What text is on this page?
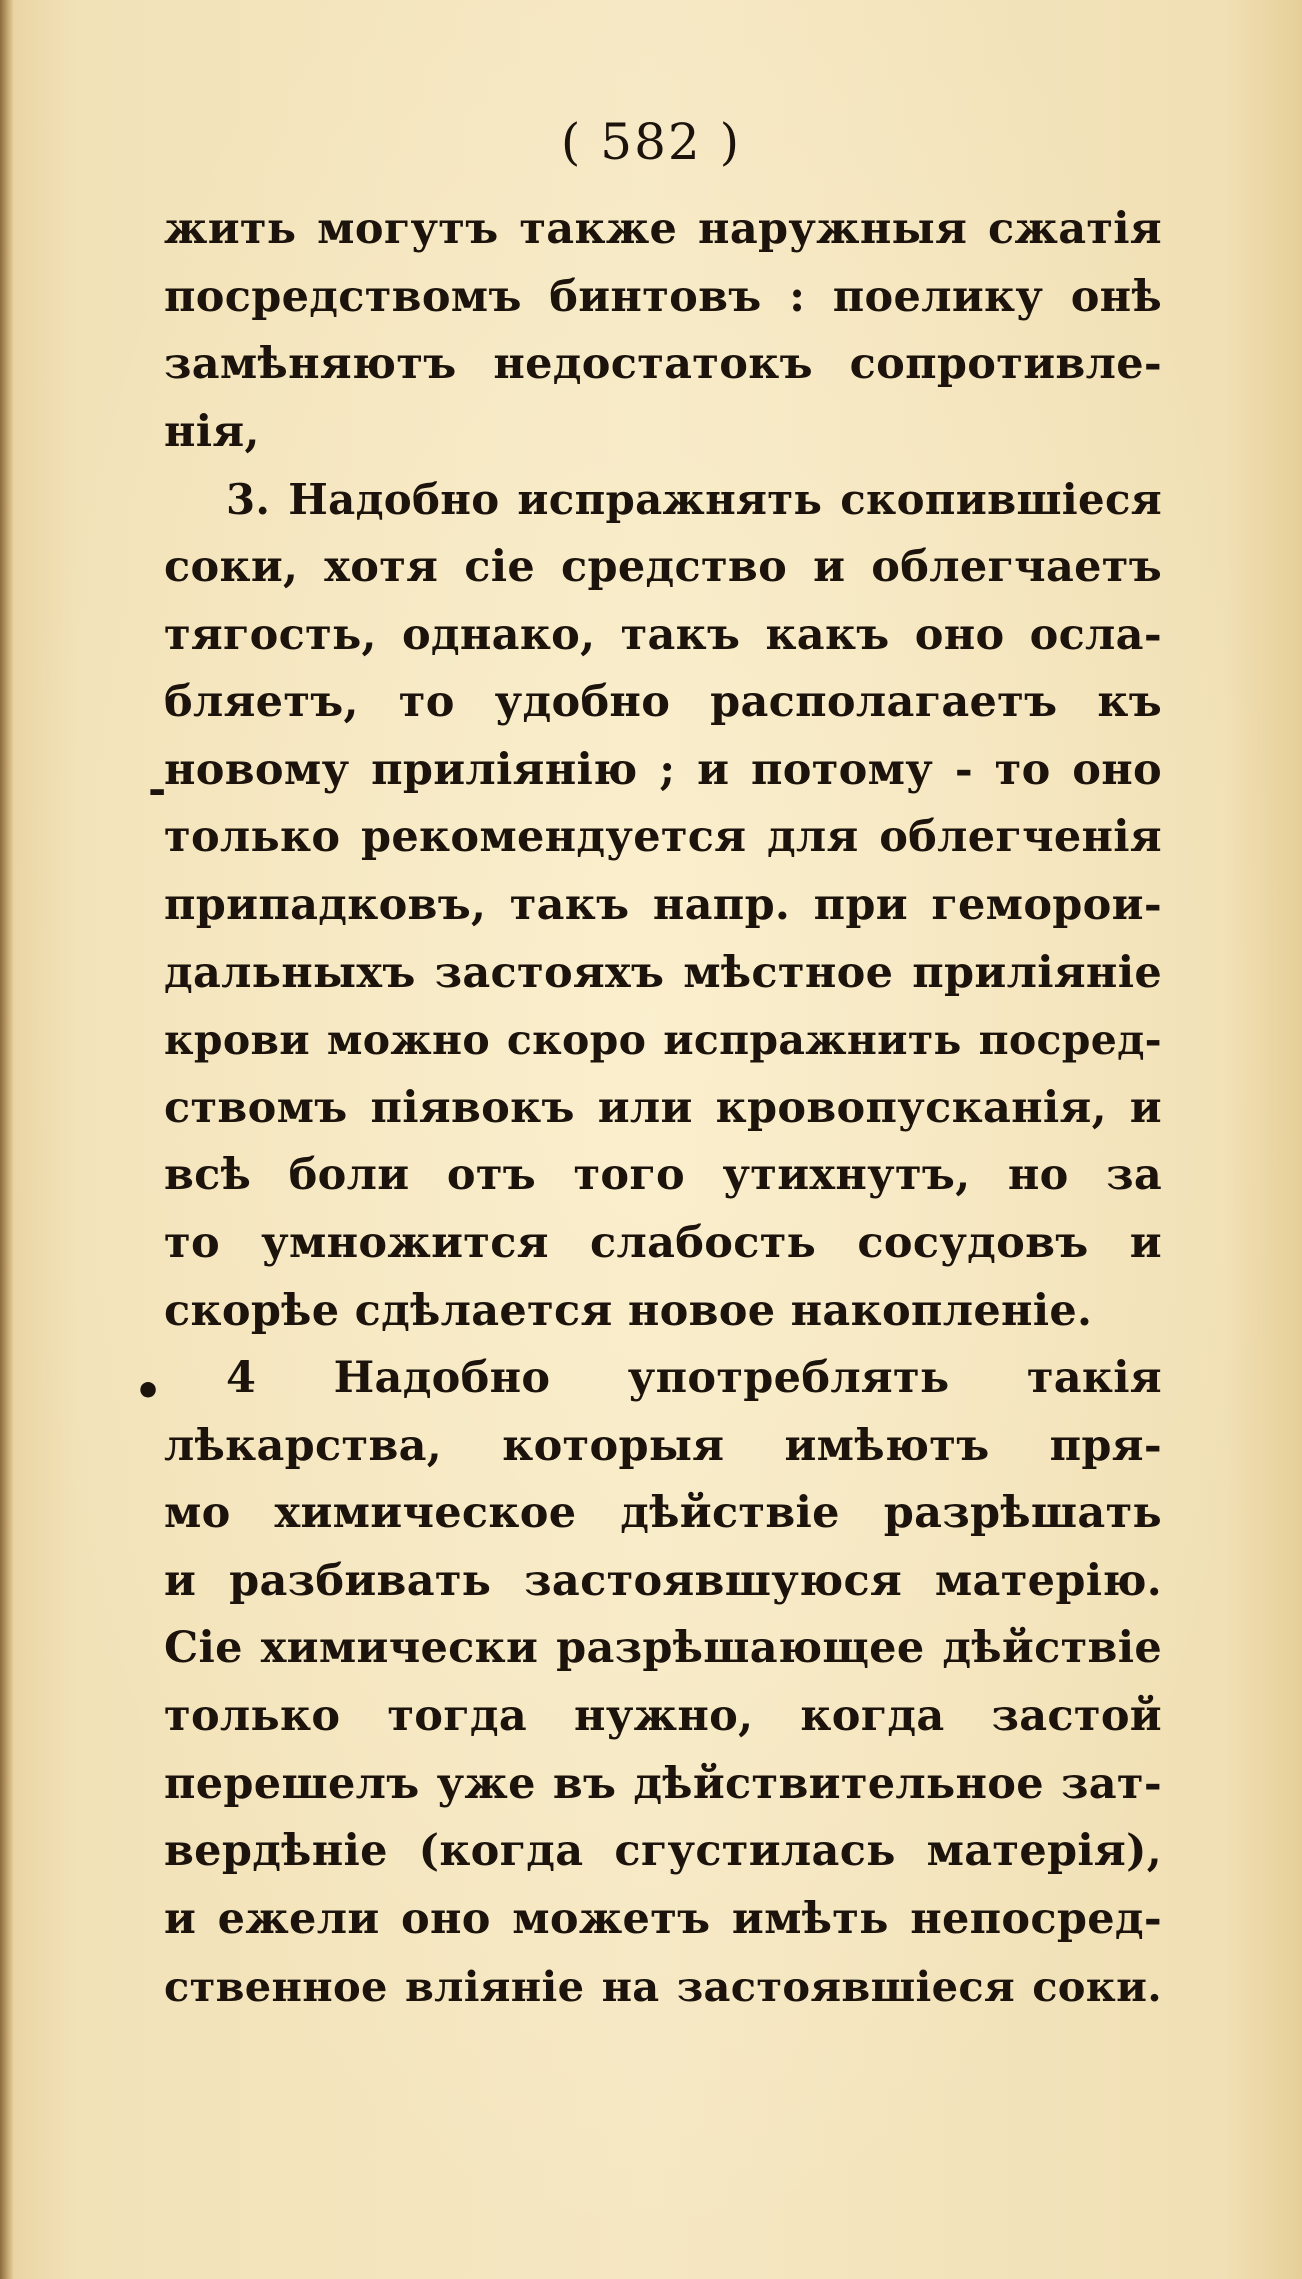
( 582 )
-
•
жить могутъ также наружныя сжатія
посредствомъ бинтовъ : поелику онѣ
замѣняютъ недостатокъ сопротивле-
нія,
3. Надобно испражнять скопившіеся
соки, хотя сіе средство и облегчаетъ
тягость, однако, такъ какъ оно осла-
бляетъ, то удобно располагаетъ къ
новому приліянію ; и потому - то оно
только рекомендуется для облегченія
припадковъ, такъ напр. при геморои-
дальныхъ застояхъ мѣстное приліяніе
крови можно скоро испражнить посред-
ствомъ піявокъ или кровопусканія, и
всѣ боли отъ того утихнутъ, но за
то умножится слабость сосудовъ и
скорѣе сдѣлается новое накопленіе.
4 Надобно употреблять такія
лѣкарства, которыя имѣютъ пря-
мо химическое дѣйствіе разрѣшать
и разбивать застоявшуюся матерію.
Сіе химически разрѣшающее дѣйствіе
только тогда нужно, когда застой
перешелъ уже въ дѣйствительное зат-
вердѣніе (когда сгустилась матерія),
и ежели оно можетъ имѣть непосред-
ственное вліяніе на застоявшіеся соки.
